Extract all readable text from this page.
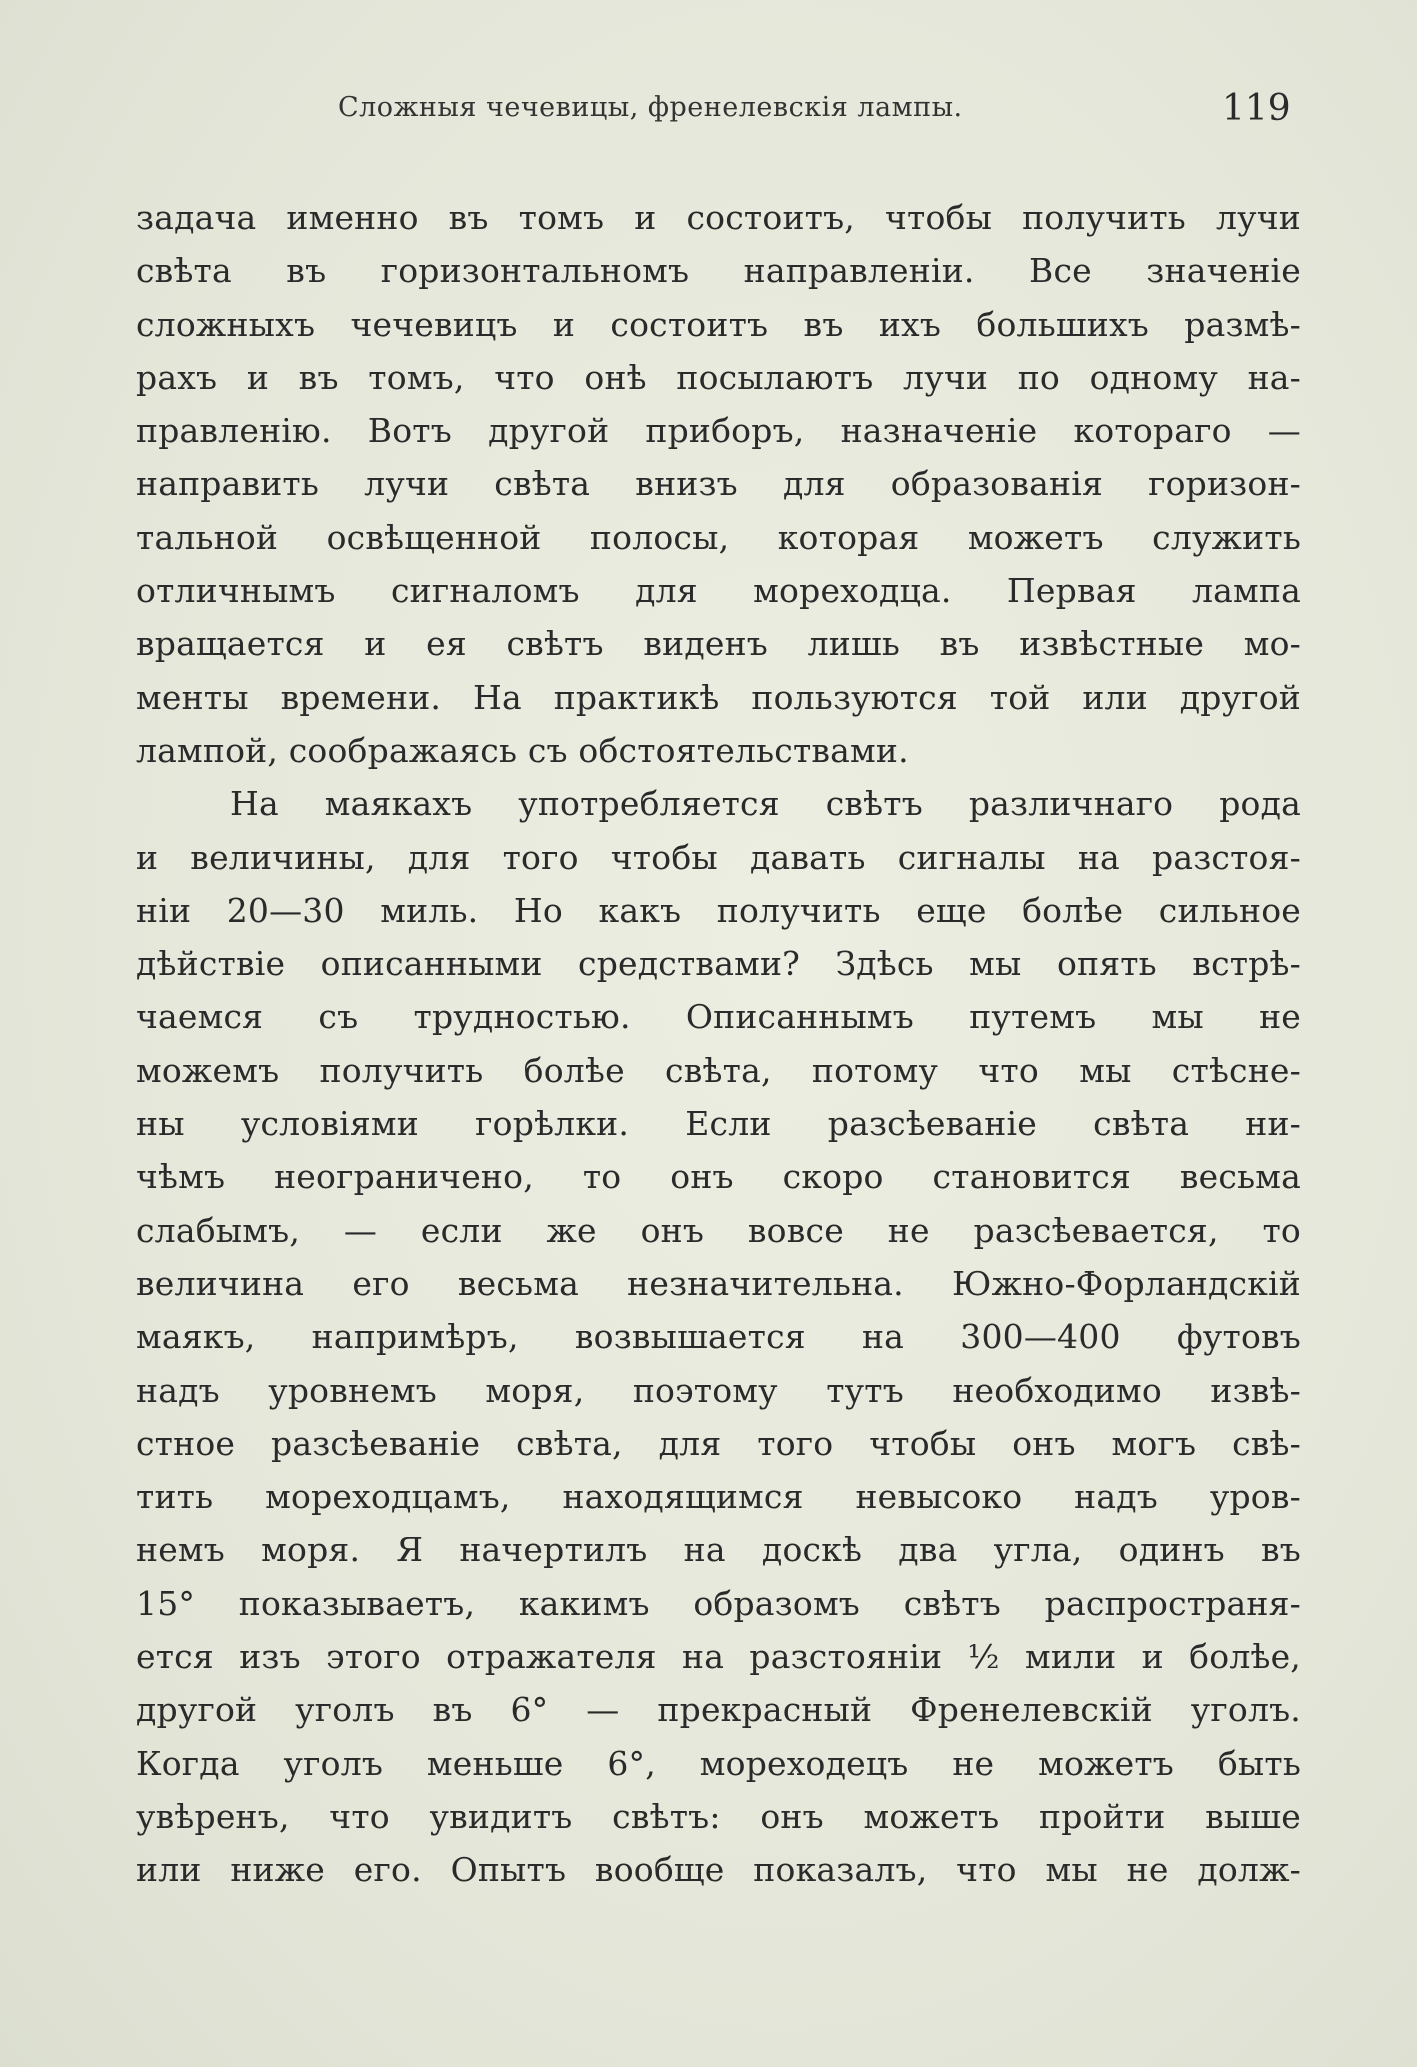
Сложныя чечевицы, френелевскія лампы.	119
задача именно въ томъ и состоитъ, чтобы получить лучи
свѣта въ горизонтальномъ направленіи. Все значеніе
сложныхъ чечевицъ и состоитъ въ ихъ большихъ размѣ-
рахъ и въ томъ, что онѣ посылаютъ лучи по одному на-
правленію. Вотъ другой приборъ, назначеніе котораго —
направить лучи свѣта внизъ для образованія горизон-
тальной освѣщенной полосы, которая можетъ служить
отличнымъ сигналомъ для мореходца. Первая лампа
вращается и ея свѣтъ виденъ лишь въ извѣстные мо-
менты времени. На практикѣ пользуются той или другой
лампой, соображаясь съ обстоятельствами.
На маякахъ употребляется свѣтъ различнаго рода
и величины, для того чтобы давать сигналы на разстоя-
ніи 20—30 миль. Но какъ получить еще болѣе сильное
дѣйствіе описанными средствами? Здѣсь мы опять встрѣ-
чаемся съ трудностью. Описаннымъ путемъ мы не
можемъ получить болѣе свѣта, потому что мы стѣсне-
ны условіями горѣлки. Если разсѣеваніе свѣта ни-
чѣмъ неограничено, то онъ скоро становится весьма
слабымъ, — если же онъ вовсе не разсѣевается, то
величина его весьма незначительна. Южно-Форландскій
маякъ, напримѣръ, возвышается на 300—400 футовъ
надъ уровнемъ моря, поэтому тутъ необходимо извѣ-
стное разсѣеваніе свѣта, для того чтобы онъ могъ свѣ-
тить мореходцамъ, находящимся невысоко надъ уров-
немъ моря. Я начертилъ на доскѣ два угла, одинъ въ
15° показываетъ, какимъ образомъ свѣтъ распространя-
ется изъ этого отражателя на разстояніи ½ мили и болѣе,
другой уголъ въ 6° — прекрасный Френелевскій уголъ.
Когда уголъ меньше 6°, мореходецъ не можетъ быть
увѣренъ, что увидитъ свѣтъ: онъ можетъ пройти выше
или ниже его. Опытъ вообще показалъ, что мы не долж-
